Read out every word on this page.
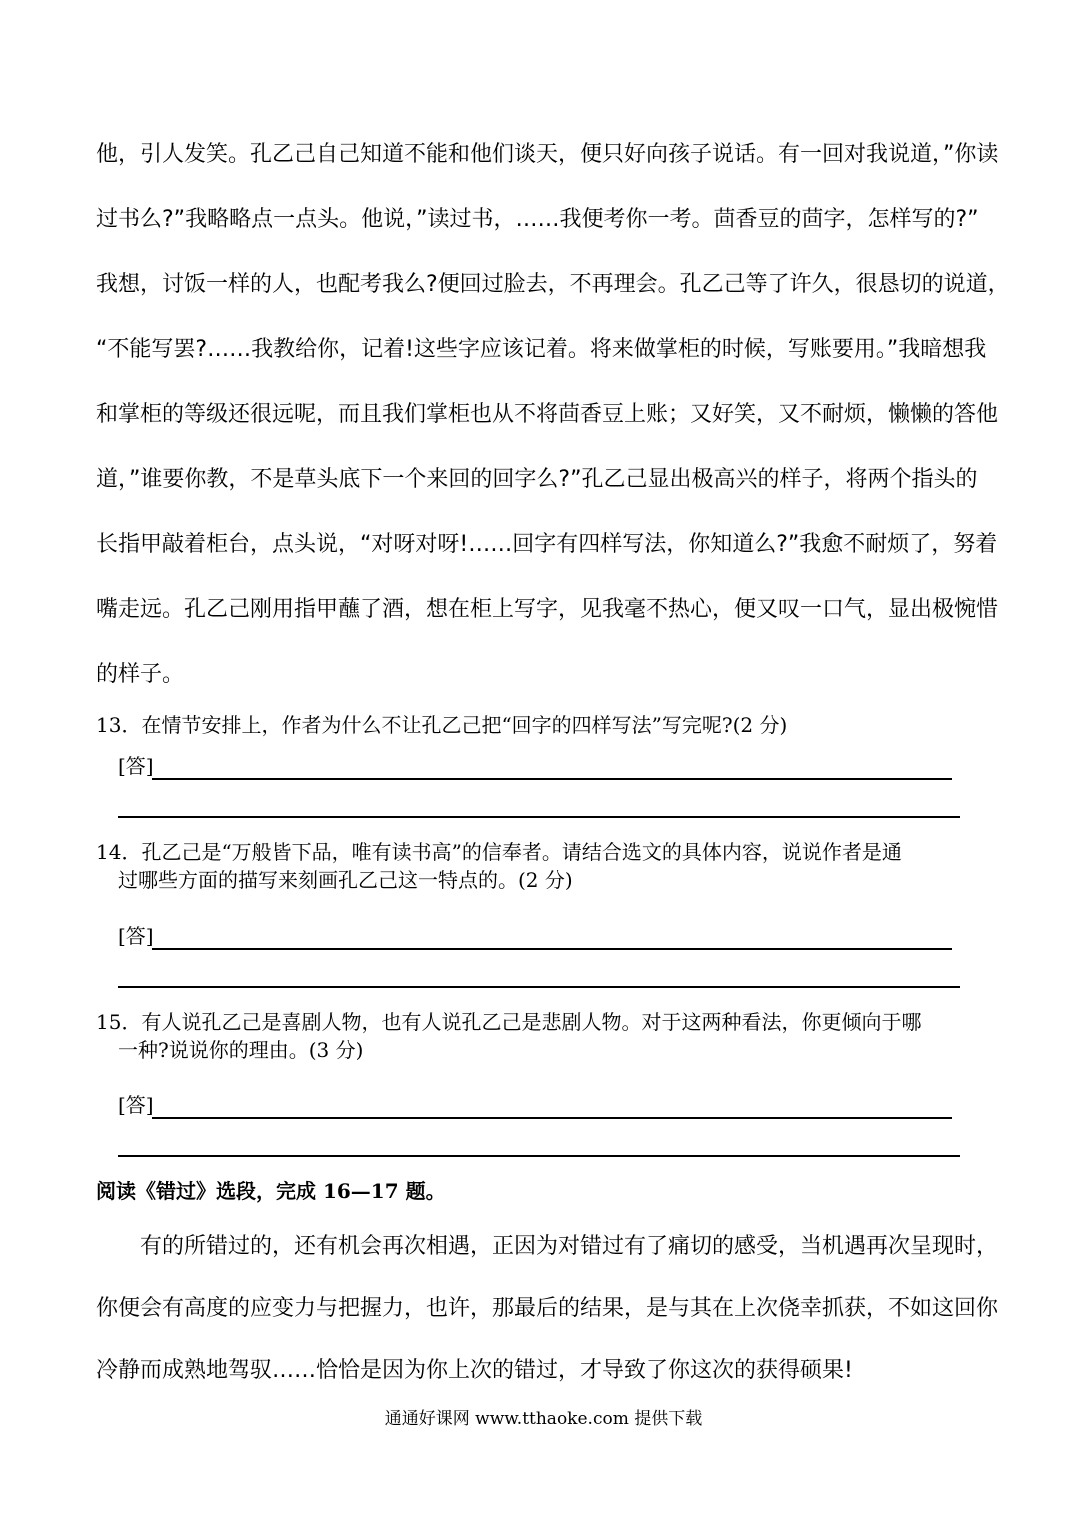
他，引人发笑。孔乙己自己知道不能和他们谈天，便只好向孩子说话。有一回对我说道，”你读
过书么?”我略略点一点头。他说，”读过书，……我便考你一考。茴香豆的茴字，怎样写的?”
我想，讨饭一样的人，也配考我么?便回过脸去，不再理会。孔乙己等了许久，很恳切的说道，
“不能写罢?……我教给你，记着!这些字应该记着。将来做掌柜的时候，写账要用。”我暗想我
和掌柜的等级还很远呢，而且我们掌柜也从不将茴香豆上账；又好笑，又不耐烦，懒懒的答他
道，”谁要你教，不是草头底下一个来回的回字么?”孔乙己显出极高兴的样子，将两个指头的
长指甲敲着柜台，点头说，“对呀对呀!……回字有四样写法，你知道么?”我愈不耐烦了，努着
嘴走远。孔乙己刚用指甲蘸了酒，想在柜上写字，见我毫不热心，便又叹一口气，显出极惋惜
的样子。
13．在情节安排上，作者为什么不让孔乙己把“回字的四样写法”写完呢?(2 分)
[答]
14．孔乙己是“万般皆下品，唯有读书高”的信奉者。请结合选文的具体内容，说说作者是通
过哪些方面的描写来刻画孔乙己这一特点的。(2 分)
[答]
15．有人说孔乙己是喜剧人物，也有人说孔乙己是悲剧人物。对于这两种看法，你更倾向于哪
一种?说说你的理由。(3 分)
[答]
阅读《错过》选段，完成 16—17 题。
有的所错过的，还有机会再次相遇，正因为对错过有了痛切的感受，当机遇再次呈现时，
你便会有高度的应变力与把握力，也许，那最后的结果，是与其在上次侥幸抓获，不如这回你
冷静而成熟地驾驭……恰恰是因为你上次的错过，才导致了你这次的获得硕果!
通通好课网 www.tthaoke.com 提供下载
